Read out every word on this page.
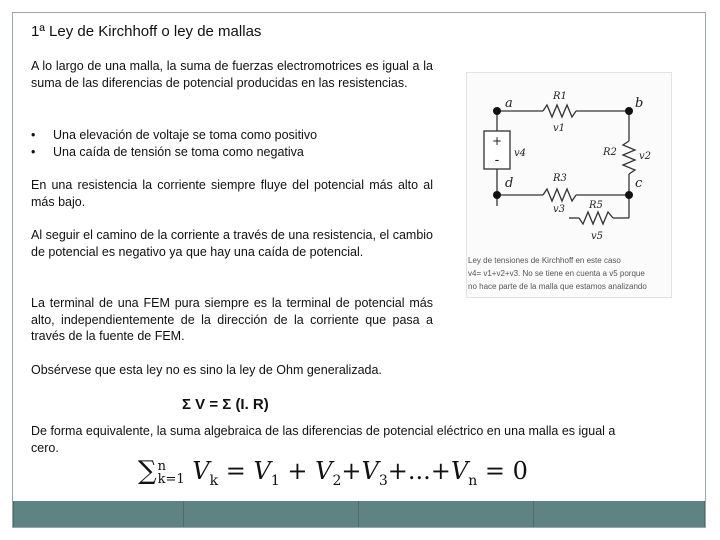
1ª Ley de Kirchhoff o ley de mallas
A lo largo de una malla, la suma de fuerzas electromotrices es igual a la suma de las diferencias de potencial producidas en las resistencias.
• Una elevación de voltaje se toma como positivo
• Una caída de tensión se toma como negativa
En una resistencia la corriente siempre fluye del potencial más alto al más bajo.
Al seguir el camino de la corriente a través de una resistencia, el cambio de potencial es negativo ya que hay una caída de potencial.
La terminal de una FEM pura siempre es la terminal de potencial más alto, independientemente de la dirección de la corriente que pasa a través de la fuente de FEM.
Obsérvese que esta ley no es sino la ley de Ohm generalizada.
Σ V = Σ (I. R)
De forma equivalente, la suma algebraica de las diferencias de potencial eléctrico en una malla es igual a cero.
∑n
k=1 $V_k = V_1 + V_2+V_3+...+V_n = 0$
+
-
a	b
c
d
R1
v1
R2 v2
R3
v3
v4
R5
v5
Ley de tensiones de Kirchhoff en este caso
v4= v1+v2+v3. No se tiene en cuenta a v5 porque
no hace parte de la malla que estamos analizando
